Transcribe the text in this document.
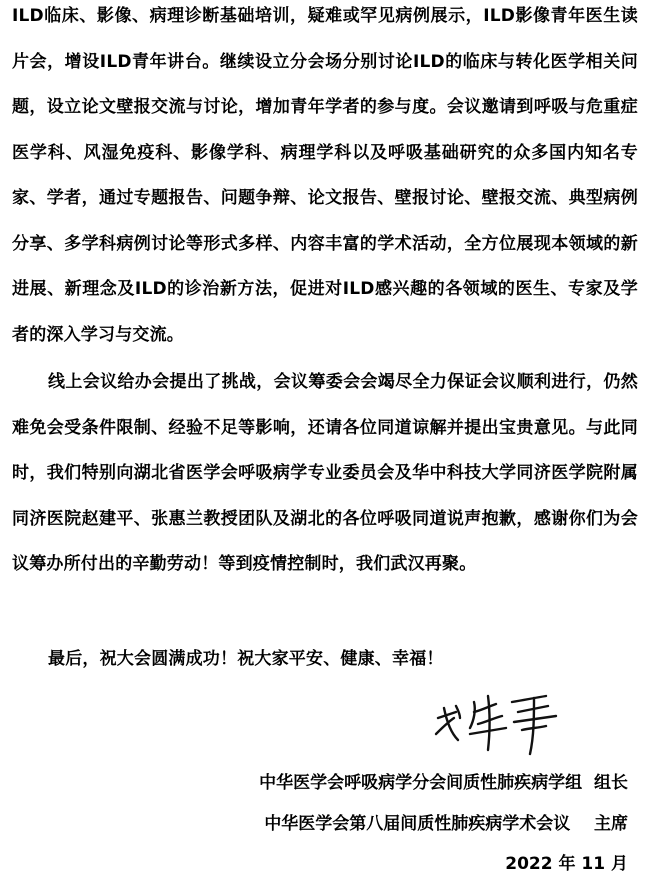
ILD临床、影像、病理诊断基础培训，疑难或罕见病例展示，ILD影像青年医生读片会，增设ILD青年讲台。继续设立分会场分别讨论ILD的临床与转化医学相关问题，设立论文壁报交流与讨论，增加青年学者的参与度。会议邀请到呼吸与危重症医学科、风湿免疫科、影像学科、病理学科以及呼吸基础研究的众多国内知名专家、学者，通过专题报告、问题争辩、论文报告、壁报讨论、壁报交流、典型病例分享、多学科病例讨论等形式多样、内容丰富的学术活动，全方位展现本领域的新进展、新理念及ILD的诊治新方法，促进对ILD感兴趣的各领域的医生、专家及学者的深入学习与交流。

线上会议给办会提出了挑战，会议筹委会会竭尽全力保证会议顺利进行，仍然难免会受条件限制、经验不足等影响，还请各位同道谅解并提出宝贵意见。与此同时，我们特别向湖北省医学会呼吸病学专业委员会及华中科技大学同济医学院附属同济医院赵建平、张惠兰教授团队及湖北的各位呼吸同道说声抱歉，感谢你们为会议筹办所付出的辛勤劳动！等到疫情控制时，我们武汉再聚。

最后，祝大会圆满成功！祝大家平安、健康、幸福！

中华医学会呼吸病学分会间质性肺疾病学组  组长
中华医学会第八届间质性肺疾病学术会议    主席
2022 年 11 月
